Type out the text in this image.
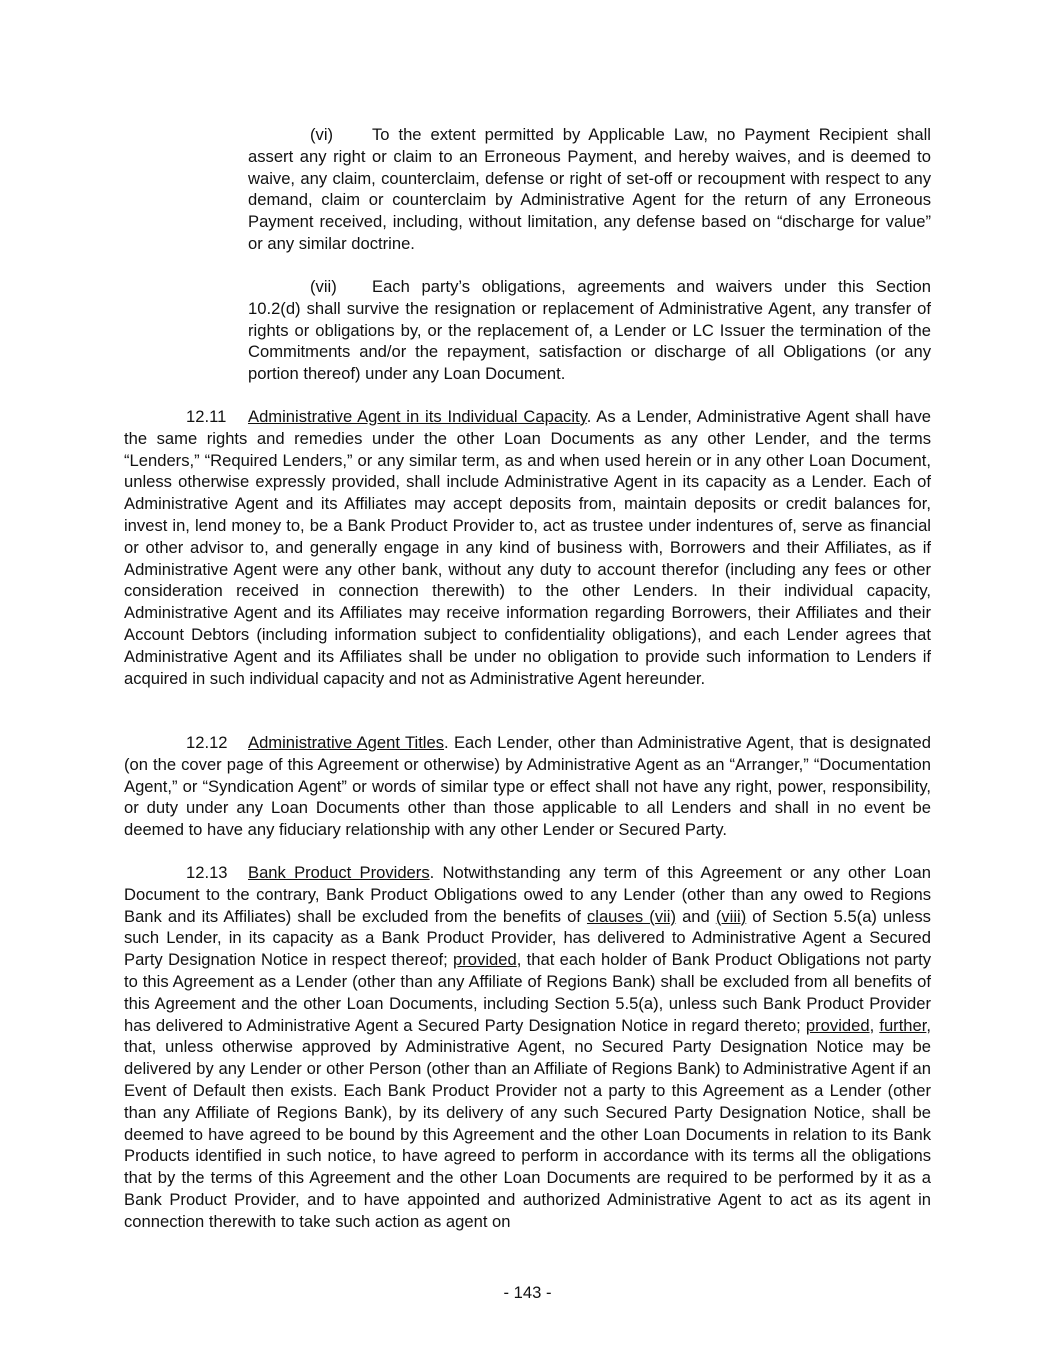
(vi) To the extent permitted by Applicable Law, no Payment Recipient shall assert any right or claim to an Erroneous Payment, and hereby waives, and is deemed to waive, any claim, counterclaim, defense or right of set-off or recoupment with respect to any demand, claim or counterclaim by Administrative Agent for the return of any Erroneous Payment received, including, without limitation, any defense based on “discharge for value” or any similar doctrine.

(vii) Each party’s obligations, agreements and waivers under this Section 10.2(d) shall survive the resignation or replacement of Administrative Agent, any transfer of rights or obligations by, or the replacement of, a Lender or LC Issuer the termination of the Commitments and/or the repayment, satisfaction or discharge of all Obligations (or any portion thereof) under any Loan Document.

12.11 Administrative Agent in its Individual Capacity. As a Lender, Administrative Agent shall have the same rights and remedies under the other Loan Documents as any other Lender, and the terms “Lenders,” “Required Lenders,” or any similar term, as and when used herein or in any other Loan Document, unless otherwise expressly provided, shall include Administrative Agent in its capacity as a Lender. Each of Administrative Agent and its Affiliates may accept deposits from, maintain deposits or credit balances for, invest in, lend money to, be a Bank Product Provider to, act as trustee under indentures of, serve as financial or other advisor to, and generally engage in any kind of business with, Borrowers and their Affiliates, as if Administrative Agent were any other bank, without any duty to account therefor (including any fees or other consideration received in connection therewith) to the other Lenders. In their individual capacity, Administrative Agent and its Affiliates may receive information regarding Borrowers, their Affiliates and their Account Debtors (including information subject to confidentiality obligations), and each Lender agrees that Administrative Agent and its Affiliates shall be under no obligation to provide such information to Lenders if acquired in such individual capacity and not as Administrative Agent hereunder.

12.12 Administrative Agent Titles. Each Lender, other than Administrative Agent, that is designated (on the cover page of this Agreement or otherwise) by Administrative Agent as an “Arranger,” “Documentation Agent,” or “Syndication Agent” or words of similar type or effect shall not have any right, power, responsibility, or duty under any Loan Documents other than those applicable to all Lenders and shall in no event be deemed to have any fiduciary relationship with any other Lender or Secured Party.

12.13 Bank Product Providers. Notwithstanding any term of this Agreement or any other Loan Document to the contrary, Bank Product Obligations owed to any Lender (other than any owed to Regions Bank and its Affiliates) shall be excluded from the benefits of clauses (vii) and (viii) of Section 5.5(a) unless such Lender, in its capacity as a Bank Product Provider, has delivered to Administrative Agent a Secured Party Designation Notice in respect thereof; provided, that each holder of Bank Product Obligations not party to this Agreement as a Lender (other than any Affiliate of Regions Bank) shall be excluded from all benefits of this Agreement and the other Loan Documents, including Section 5.5(a), unless such Bank Product Provider has delivered to Administrative Agent a Secured Party Designation Notice in regard thereto; provided, further, that, unless otherwise approved by Administrative Agent, no Secured Party Designation Notice may be delivered by any Lender or other Person (other than an Affiliate of Regions Bank) to Administrative Agent if an Event of Default then exists. Each Bank Product Provider not a party to this Agreement as a Lender (other than any Affiliate of Regions Bank), by its delivery of any such Secured Party Designation Notice, shall be deemed to have agreed to be bound by this Agreement and the other Loan Documents in relation to its Bank Products identified in such notice, to have agreed to perform in accordance with its terms all the obligations that by the terms of this Agreement and the other Loan Documents are required to be performed by it as a Bank Product Provider, and to have appointed and authorized Administrative Agent to act as its agent in connection therewith to take such action as agent on

- 143 -
